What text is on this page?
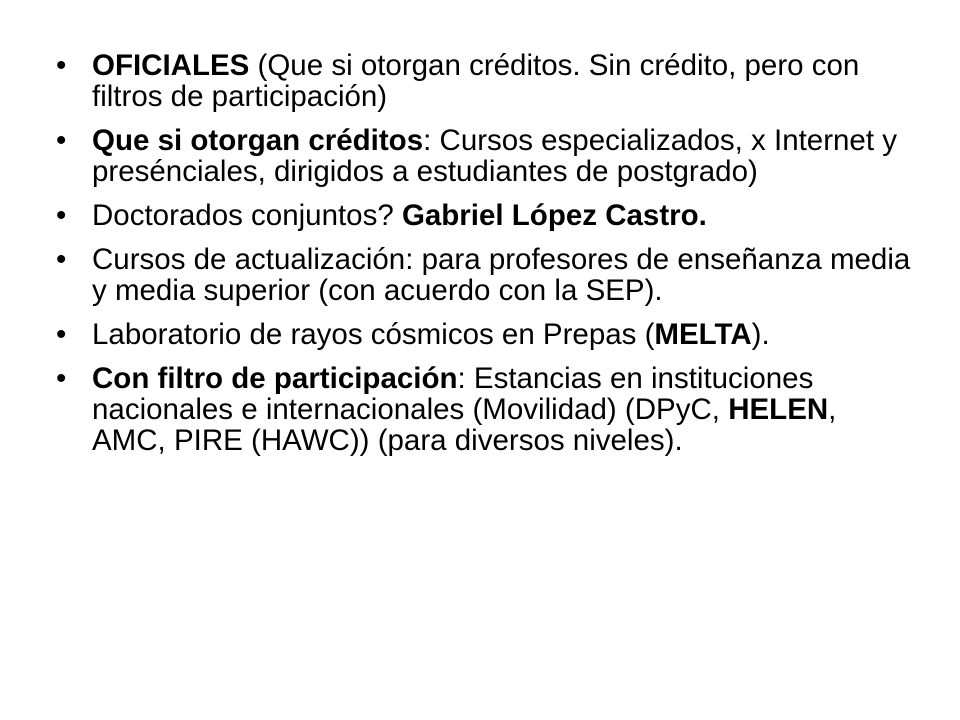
• OFICIALES (Que si otorgan créditos. Sin crédito, pero con filtros de participación)
• Que si otorgan créditos: Cursos especializados, x Internet y presénciales, dirigidos a estudiantes de postgrado)
• Doctorados conjuntos? Gabriel López Castro.
• Cursos de actualización: para profesores de enseñanza media y media superior (con acuerdo con la SEP).
• Laboratorio de rayos cósmicos en Prepas (MELTA).
• Con filtro de participación: Estancias en instituciones nacionales e internacionales (Movilidad) (DPyC, HELEN, AMC, PIRE (HAWC)) (para diversos niveles).
